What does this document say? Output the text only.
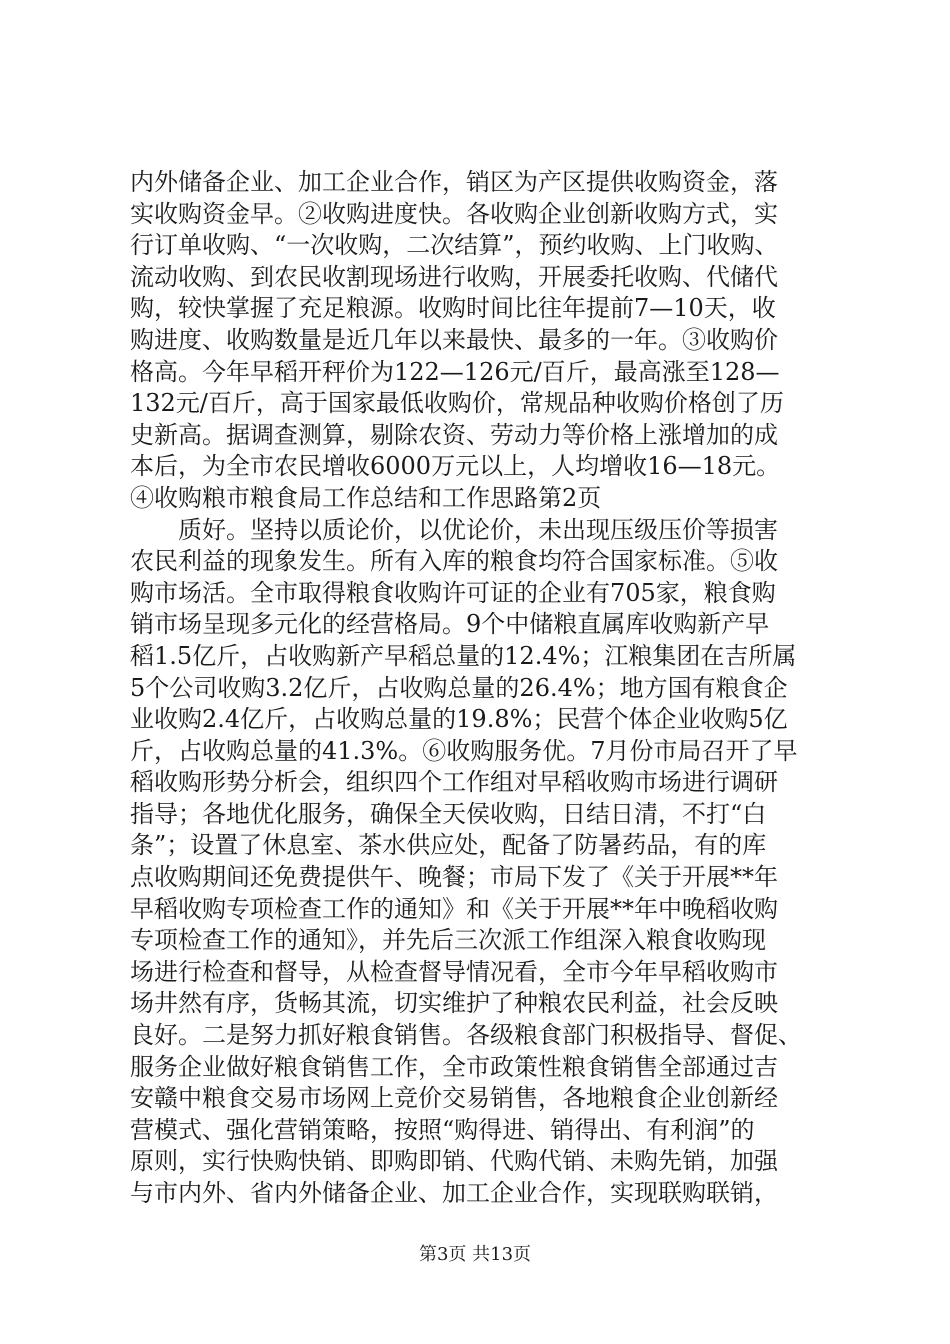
内外储备企业、加工企业合作，销区为产区提供收购资金，落
实收购资金早。②收购进度快。各收购企业创新收购方式，实
行订单收购、“一次收购，二次结算”，预约收购、上门收购、
流动收购、到农民收割现场进行收购，开展委托收购、代储代
购，较快掌握了充足粮源。收购时间比往年提前7—10天，收
购进度、收购数量是近几年以来最快、最多的一年。③收购价
格高。今年早稻开秤价为122—126元/百斤，最高涨至128—
132元/百斤，高于国家最低收购价，常规品种收购价格创了历
史新高。据调查测算，剔除农资、劳动力等价格上涨增加的成
本后，为全市农民增收6000万元以上，人均增收16—18元。
④收购粮市粮食局工作总结和工作思路第2页
　　质好。坚持以质论价，以优论价，未出现压级压价等损害
农民利益的现象发生。所有入库的粮食均符合国家标准。⑤收
购市场活。全市取得粮食收购许可证的企业有705家，粮食购
销市场呈现多元化的经营格局。9个中储粮直属库收购新产早
稻1.5亿斤，占收购新产早稻总量的12.4%；江粮集团在吉所属
5个公司收购3.2亿斤，占收购总量的26.4%；地方国有粮食企
业收购2.4亿斤，占收购总量的19.8%；民营个体企业收购5亿
斤，占收购总量的41.3%。⑥收购服务优。7月份市局召开了早
稻收购形势分析会，组织四个工作组对早稻收购市场进行调研
指导；各地优化服务，确保全天侯收购，日结日清，不打“白
条”；设置了休息室、茶水供应处，配备了防暑药品，有的库
点收购期间还免费提供午、晚餐；市局下发了《关于开展**年
早稻收购专项检查工作的通知》和《关于开展**年中晚稻收购
专项检查工作的通知》，并先后三次派工作组深入粮食收购现
场进行检查和督导，从检查督导情况看，全市今年早稻收购市
场井然有序，货畅其流，切实维护了种粮农民利益，社会反映
良好。二是努力抓好粮食销售。各级粮食部门积极指导、督促、
服务企业做好粮食销售工作，全市政策性粮食销售全部通过吉
安赣中粮食交易市场网上竞价交易销售，各地粮食企业创新经
营模式、强化营销策略，按照“购得进、销得出、有利润”的
原则，实行快购快销、即购即销、代购代销、未购先销，加强
与市内外、省内外储备企业、加工企业合作，实现联购联销，
第3页 共13页
